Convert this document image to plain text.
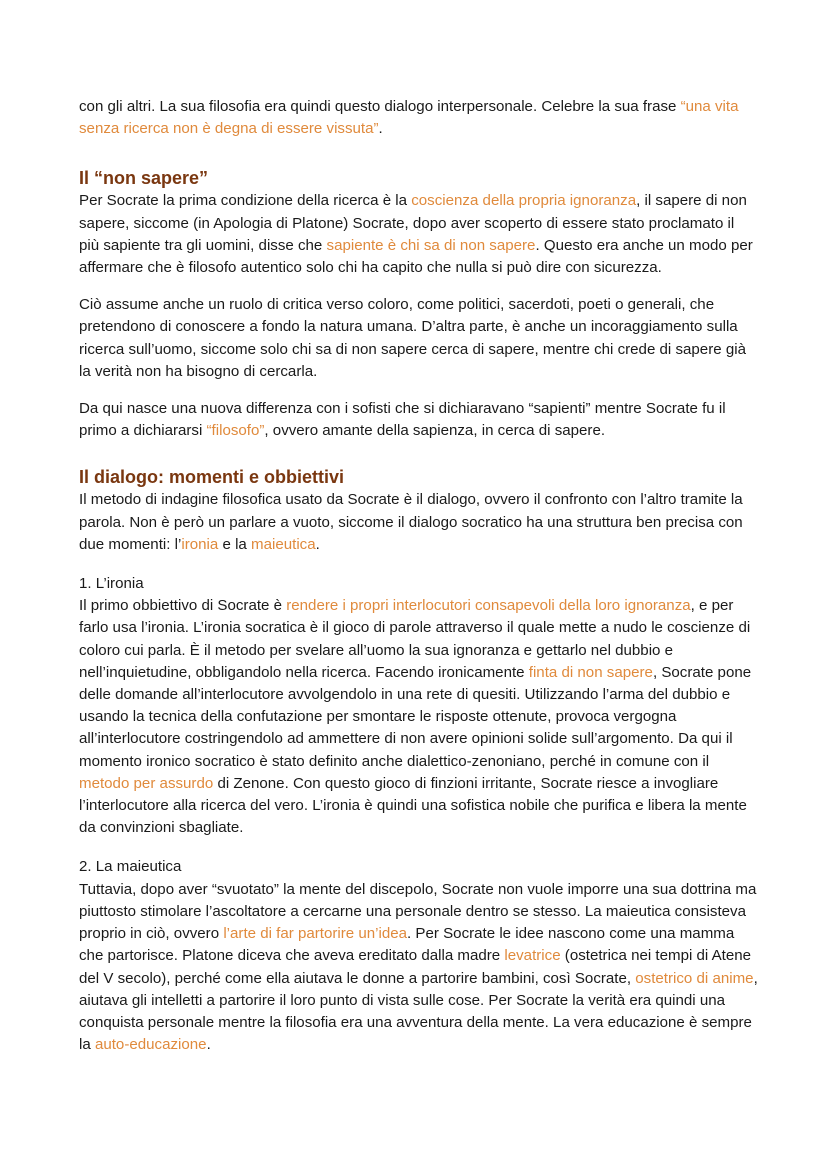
con gli altri. La sua filosofia era quindi questo dialogo interpersonale. Celebre la sua frase “una vita senza ricerca non è degna di essere vissuta”.

Il “non sapere”

Per Socrate la prima condizione della ricerca è la coscienza della propria ignoranza, il sapere di non sapere, siccome (in Apologia di Platone) Socrate, dopo aver scoperto di essere stato proclamato il più sapiente tra gli uomini, disse che sapiente è chi sa di non sapere. Questo era anche un modo per affermare che è filosofo autentico solo chi ha capito che nulla si può dire con sicurezza.

Ciò assume anche un ruolo di critica verso coloro, come politici, sacerdoti, poeti o generali, che pretendono di conoscere a fondo la natura umana. D’altra parte, è anche un incoraggiamento sulla ricerca sull’uomo, siccome solo chi sa di non sapere cerca di sapere, mentre chi crede di sapere già la verità non ha bisogno di cercarla.

Da qui nasce una nuova differenza con i sofisti che si dichiaravano “sapienti” mentre Socrate fu il primo a dichiararsi “filosofo”, ovvero amante della sapienza, in cerca di sapere.

Il dialogo: momenti e obbiettivi

Il metodo di indagine filosofica usato da Socrate è il dialogo, ovvero il confronto con l’altro tramite la parola. Non è però un parlare a vuoto, siccome il dialogo socratico ha una struttura ben precisa con due momenti: l’ironia e la maieutica.

1. L’ironia

Il primo obbiettivo di Socrate è rendere i propri interlocutori consapevoli della loro ignoranza, e per farlo usa l’ironia. L’ironia socratica è il gioco di parole attraverso il quale mette a nudo le coscienze di coloro cui parla. È il metodo per svelare all’uomo la sua ignoranza e gettarlo nel dubbio e nell’inquietudine, obbligandolo nella ricerca. Facendo ironicamente finta di non sapere, Socrate pone delle domande all’interlocutore avvolgendolo in una rete di quesiti. Utilizzando l’arma del dubbio e usando la tecnica della confutazione per smontare le risposte ottenute, provoca vergogna all’interlocutore costringendolo ad ammettere di non avere opinioni solide sull’argomento. Da qui il momento ironico socratico è stato definito anche dialettico-zenoniano, perché in comune con il metodo per assurdo di Zenone. Con questo gioco di finzioni irritante, Socrate riesce a invogliare l’interlocutore alla ricerca del vero. L’ironia è quindi una sofistica nobile che purifica e libera la mente da convinzioni sbagliate.

2. La maieutica

Tuttavia, dopo aver “svuotato” la mente del discepolo, Socrate non vuole imporre una sua dottrina ma piuttosto stimolare l’ascoltatore a cercarne una personale dentro se stesso. La maieutica consisteva proprio in ciò, ovvero l’arte di far partorire un’idea. Per Socrate le idee nascono come una mamma che partorisce. Platone diceva che aveva ereditato dalla madre levatrice (ostetrica nei tempi di Atene del V secolo), perché come ella aiutava le donne a partorire bambini, così Socrate, ostetrico di anime, aiutava gli intelletti a partorire il loro punto di vista sulle cose. Per Socrate la verità era quindi una conquista personale mentre la filosofia era una avventura della mente. La vera educazione è sempre la auto-educazione.
